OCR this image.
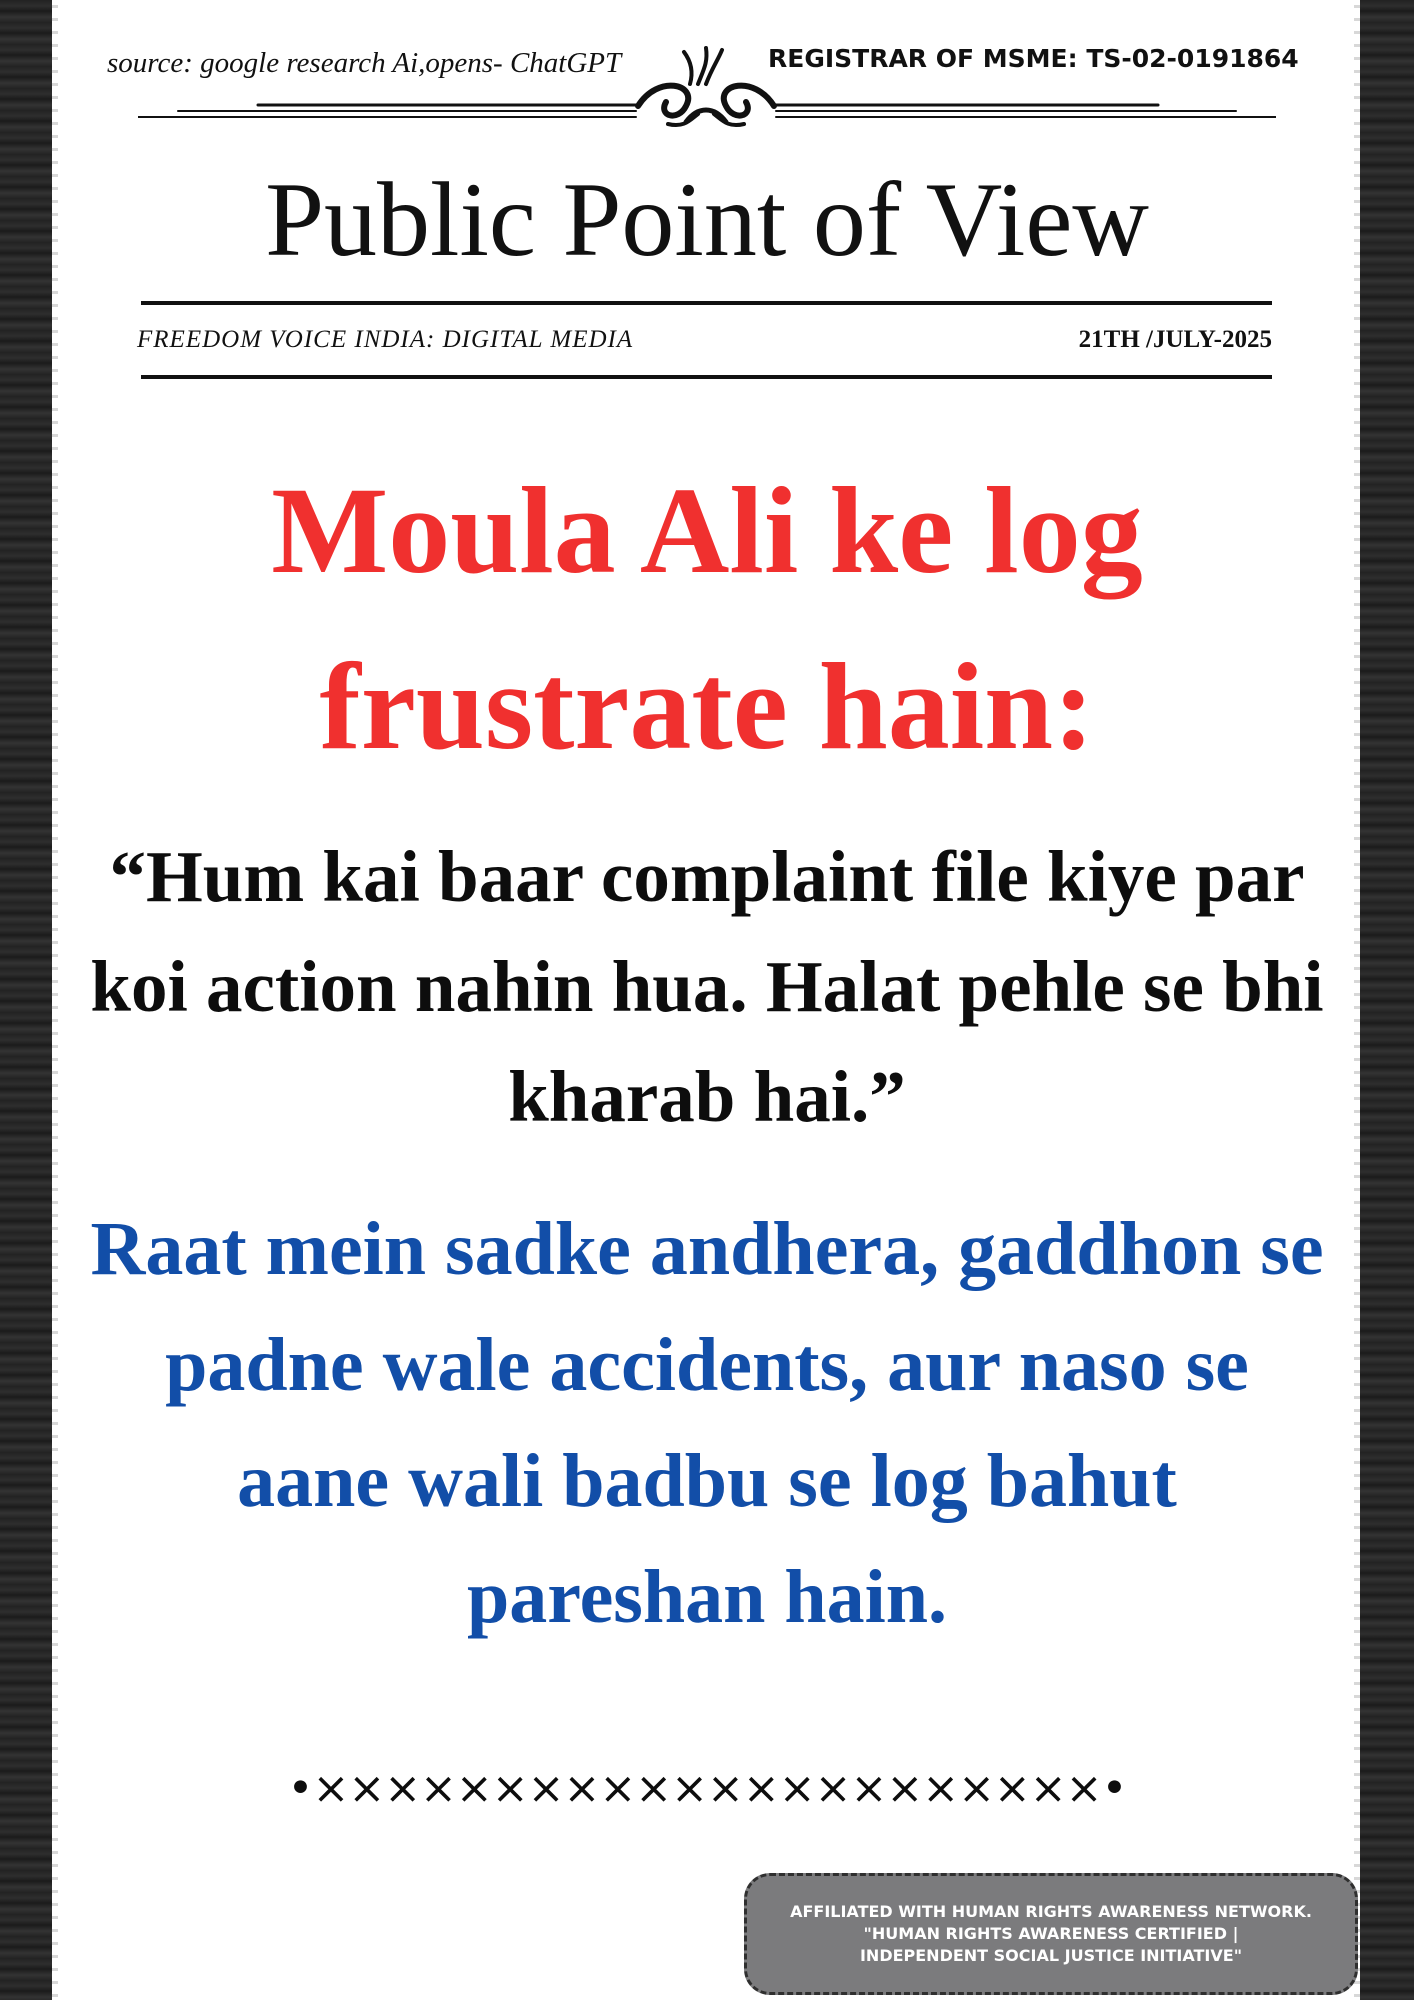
source: google research Ai,opens- ChatGPT	REGISTRAR OF MSME: TS-02-0191864
Public Point of View
FREEDOM VOICE INDIA: DIGITAL MEDIA	21TH /JULY-2025
Moula Ali ke log frustrate hain:
“Hum kai baar complaint file kiye par koi action nahin hua. Halat pehle se bhi kharab hai.”
Raat mein sadke andhera, gaddhon se padne wale accidents, aur naso se aane wali badbu se log bahut pareshan hain.
•××××××××××××××××××××××•
AFFILIATED WITH HUMAN RIGHTS AWARENESS NETWORK.
"HUMAN RIGHTS AWARENESS CERTIFIED |
INDEPENDENT SOCIAL JUSTICE INITIATIVE"
